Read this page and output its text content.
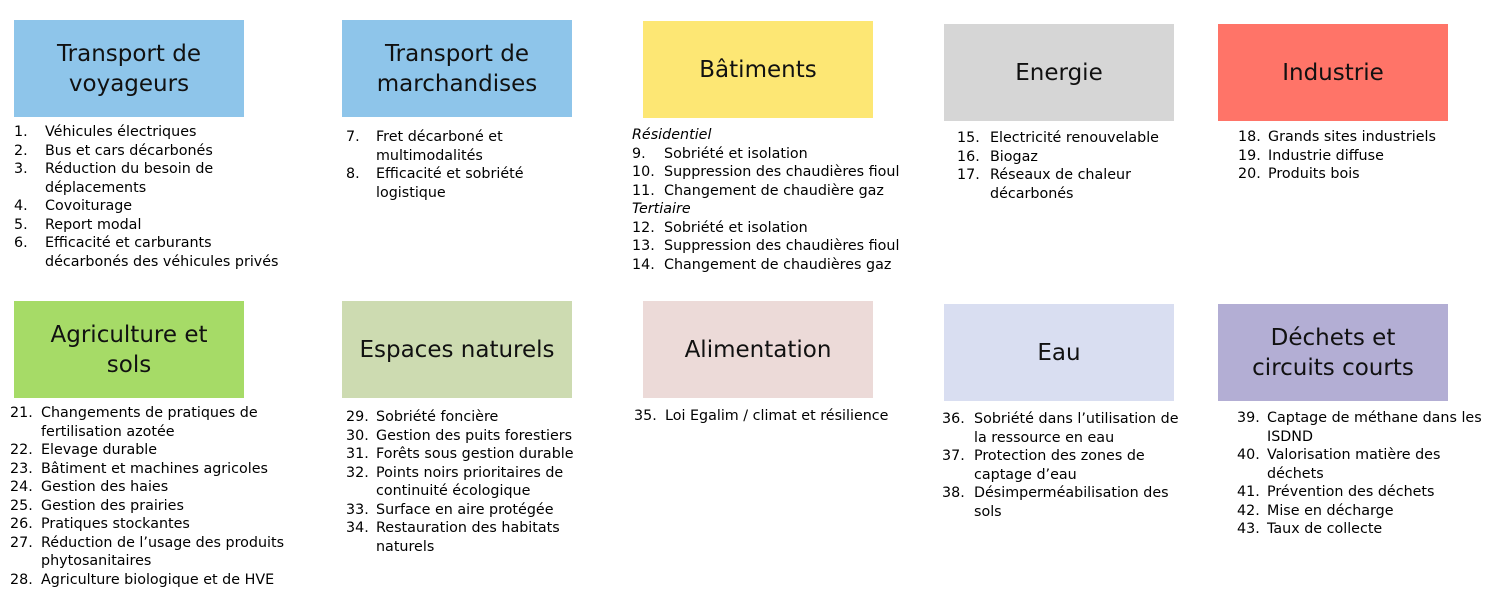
Transport de
voyageurs
Transport de
marchandises
Bâtiments	Energie	Industrie
Agriculture et
sols
Espaces naturels	Alimentation	Eau
Déchets et
circuits courts
1.	Véhicules électriques
2.	Bus et cars décarbonés
3.	Réduction du besoin de
déplacements
4.	Covoiturage
5.	Report modal
6.	Efficacité et carburants
décarbonés des véhicules privés
7.	Fret décarboné et
multimodalités
8.	Efficacité et sobriété
logistique
Résidentiel
9.	Sobriété et isolation
10. Suppression des chaudières fioul
11. Changement de chaudière gaz
Tertiaire
12. Sobriété et isolation
13. Suppression des chaudières fioul
14. Changement de chaudières gaz
15. Electricité renouvelable
16. Biogaz
17. Réseaux de chaleur
décarbonés
18. Grands sites industriels
19. Industrie diffuse
20. Produits bois
21. Changements de pratiques de
fertilisation azotée
22. Elevage durable
23. Bâtiment et machines agricoles
24. Gestion des haies
25. Gestion des prairies
26. Pratiques stockantes
27. Réduction de l’usage des produits
phytosanitaires
28. Agriculture biologique et de HVE
29. Sobriété foncière
30. Gestion des puits forestiers
31. Forêts sous gestion durable
32. Points noirs prioritaires de
continuité écologique
33. Surface en aire protégée
34. Restauration des habitats
naturels
35. Loi Egalim / climat et résilience	36. Sobriété dans l’utilisation de
la ressource en eau
37. Protection des zones de
captage d’eau
38. Désimperméabilisation des
sols
39. Captage de méthane dans les
ISDND
40. Valorisation matière des
déchets
41. Prévention des déchets
42. Mise en décharge
43. Taux de collecte
